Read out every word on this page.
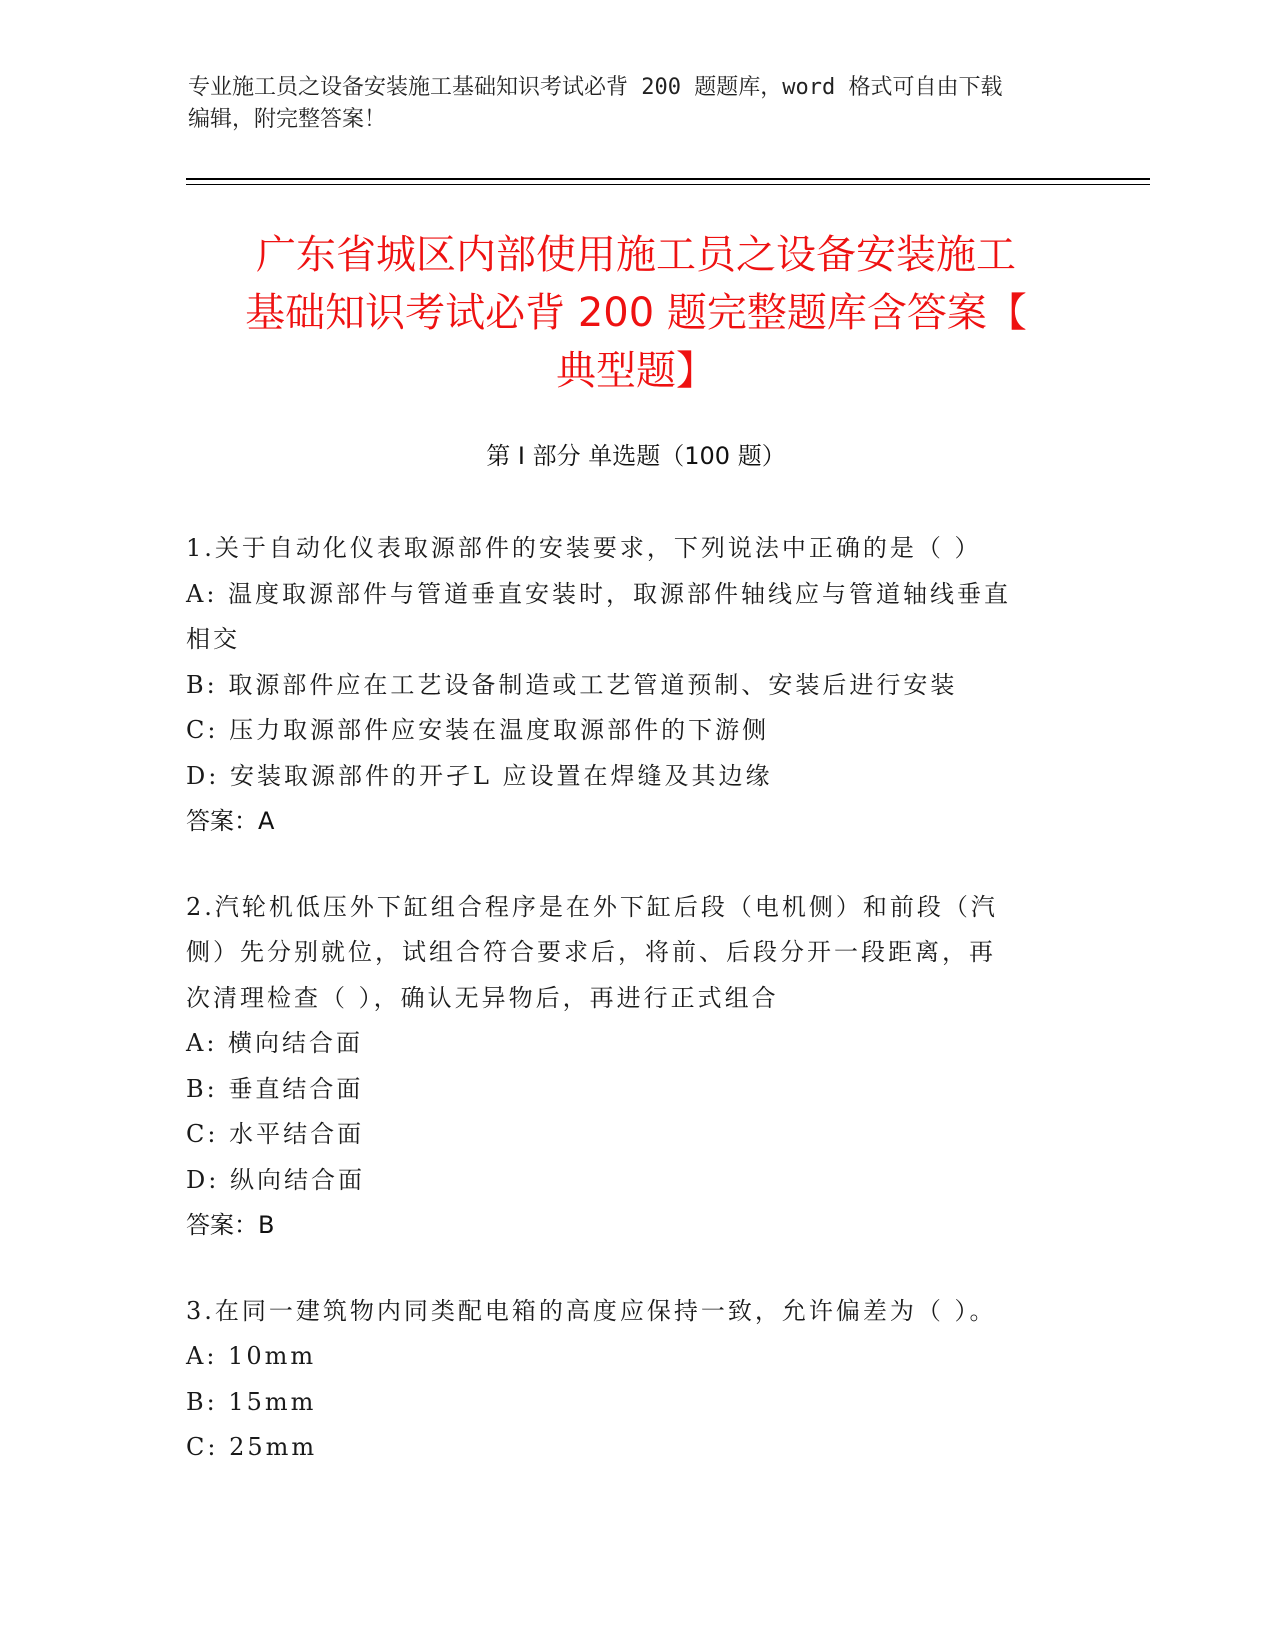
专业施工员之设备安装施工基础知识考试必背 200 题题库，word 格式可自由下载
编辑，附完整答案！
广东省城区内部使用施工员之设备安装施工
基础知识考试必背 200 题完整题库含答案【
典型题】
第 I 部分 单选题（100 题）
1.关于自动化仪表取源部件的安装要求，下列说法中正确的是（ ）
A: 温度取源部件与管道垂直安装时，取源部件轴线应与管道轴线垂直
相交
B: 取源部件应在工艺设备制造或工艺管道预制、安装后进行安装
C: 压力取源部件应安装在温度取源部件的下游侧
D: 安装取源部件的开孑L 应设置在焊缝及其边缘
答案：A
2.汽轮机低压外下缸组合程序是在外下缸后段（电机侧）和前段（汽
侧）先分别就位，试组合符合要求后，将前、后段分开一段距离，再
次清理检查（ ），确认无异物后，再进行正式组合
A: 横向结合面
B: 垂直结合面
C: 水平结合面
D: 纵向结合面
答案：B
3.在同一建筑物内同类配电箱的高度应保持一致，允许偏差为（ ）。
A: 10mm
B: 15mm
C: 25mm
